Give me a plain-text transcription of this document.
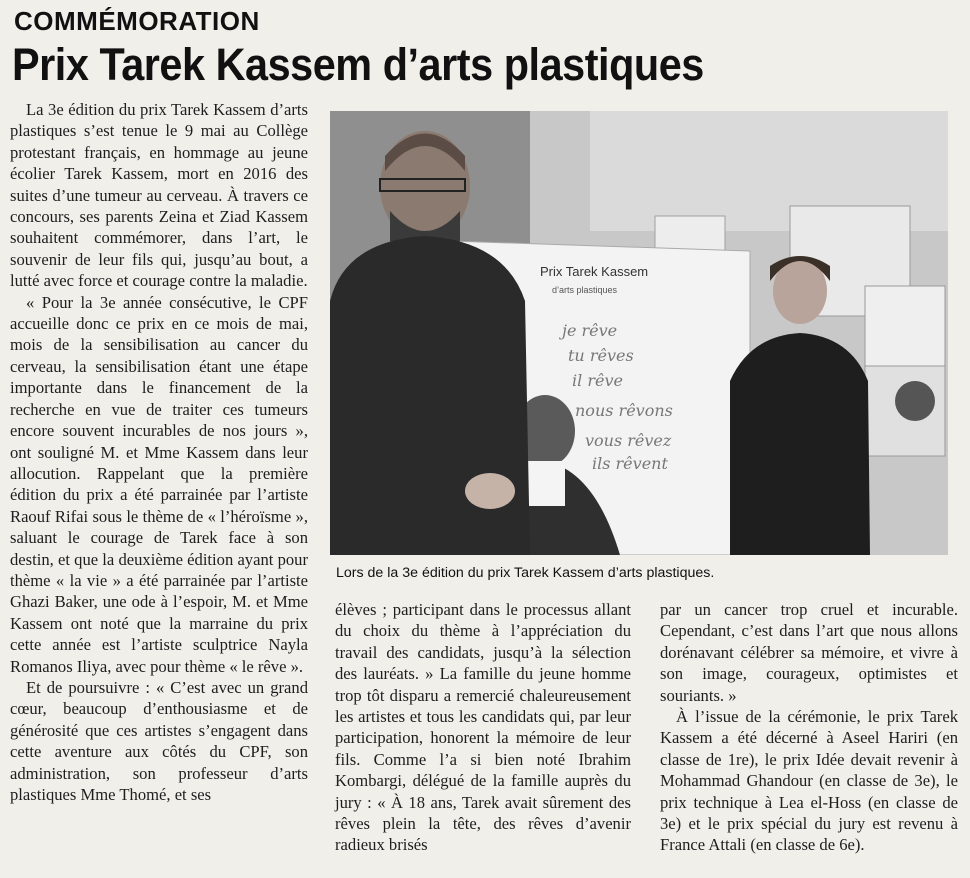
COMMÉMORATION
Prix Tarek Kassem d’arts plastiques

La 3e édition du prix Tarek Kassem d’arts plastiques s’est tenue le 9 mai au Collège protestant français, en hommage au jeune écolier Tarek Kassem, mort en 2016 des suites d’une tumeur au cerveau. À travers ce concours, ses parents Zeina et Ziad Kassem souhaitent commémorer, dans l’art, le souvenir de leur fils qui, jusqu’au bout, a lutté avec force et courage contre la maladie.

« Pour la 3e année consécutive, le CPF accueille donc ce prix en ce mois de mai, mois de la sensibilisation au cancer du cerveau, la sensibilisation étant une étape importante dans le financement de la recherche en vue de traiter ces tumeurs encore souvent incurables de nos jours », ont souligné M. et Mme Kassem dans leur allocution. Rappelant que la première édition du prix a été parrainée par l’artiste Raouf Rifai sous le thème de « l’héroïsme », saluant le courage de Tarek face à son destin, et que la deuxième édition ayant pour thème « la vie » a été parrainée par l’artiste Ghazi Baker, une ode à l’espoir, M. et Mme Kassem ont noté que la marraine du prix cette année est l’artiste sculptrice Nayla Romanos Iliya, avec pour thème « le rêve ».

Et de poursuivre : « C’est avec un grand cœur, beaucoup d’enthousiasme et de générosité que ces artistes s’engagent dans cette aventure aux côtés du CPF, son administration, son professeur d’arts plastiques Mme Thomé, et ses

Prix Tarek Kassem
d’arts plastiques
je rêve
tu rêves
il rêve
nous rêvons
vous rêvez
ils rêvent
Lors de la 3e édition du prix Tarek Kassem d’arts plastiques.

élèves ; participant dans le processus allant du choix du thème à l’appréciation du travail des candidats, jusqu’à la sélection des lauréats. » La famille du jeune homme trop tôt disparu a remercié chaleureusement les artistes et tous les candidats qui, par leur participation, honorent la mémoire de leur fils. Comme l’a si bien noté Ibrahim Kombargi, délégué de la famille auprès du jury : « À 18 ans, Tarek avait sûrement des rêves plein la tête, des rêves d’avenir radieux brisés

par un cancer trop cruel et incurable. Cependant, c’est dans l’art que nous allons dorénavant célébrer sa mémoire, et vivre à son image, courageux, optimistes et souriants. »

À l’issue de la cérémonie, le prix Tarek Kassem a été décerné à Aseel Hariri (en classe de 1re), le prix Idée devait revenir à Mohammad Ghandour (en classe de 3e), le prix technique à Lea el-Hoss (en classe de 3e) et le prix spécial du jury est revenu à France Attali (en classe de 6e).
